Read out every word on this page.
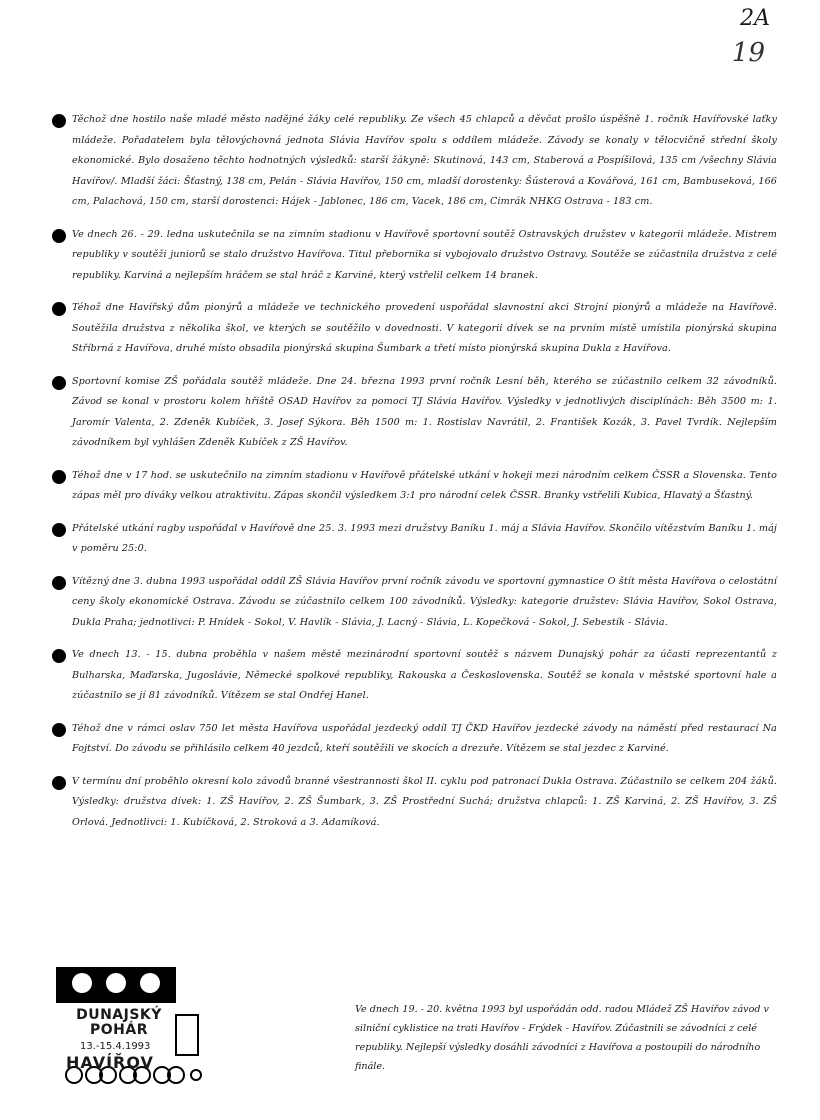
2A
19

Těchož dne hostilo naše mladé město nadějné žáky celé republiky. Ze všech 45 chlapců a děvčat prošlo úspěšně 1. ročník Havířovské laťky mládeže. Pořadatelem byla tělovýchovná jednota Slávia Havířov spolu s oddílem mládeže. Závody se konaly v tělocvičně střední školy ekonomické. Bylo dosaženo těchto hodnotných výsledků: starší žákyně: Skutinová, 143 cm, Staberová a Pospíšilová, 135 cm /všechny Slávia Havířov/. Mladší žáci: Šťastný, 138 cm, Pelán - Slávia Havířov, 150 cm, mladší dorostenky: Šústerová a Kovářová, 161 cm, Bambuseková, 166 cm, Palachová, 150 cm, starší dorostenci: Hájek - Jablonec, 186 cm, Vacek, 186 cm, Cimrák NHKG Ostrava - 183 cm.

Ve dnech 26. - 29. ledna uskutečnila se na zimním stadionu v Havířově sportovní soutěž Ostravských družstev v kategorii mládeže. Mistrem republiky v soutěži juniorů se stalo družstvo Havířova. Titul přebornika si vybojovalo družstvo Ostravy. Soutěže se zúčastnila družstva z celé republiky. Karviná a nejlepším hráčem se stal hráč z Karviné, který vstřelil celkem 14 branek.

Téhož dne Havířský dům pionýrů a mládeže ve technického provedení uspořádal slavnostní akci Strojní pionýrů a mládeže na Havířově. Soutěžila družstva z několika škol, ve kterých se soutěžilo v dovednosti. V kategorii dívek se na prvním místě umístila pionýrská skupina Stříbrná z Havířova, druhé místo obsadila pionýrská skupina Šumbark a třetí místo pionýrská skupina Dukla z Havířova.

Sportovní komise ZŠ pořádala soutěž mládeže. Dne 24. března 1993 první ročník Lesní běh, kterého se zúčastnilo celkem 32 závodníků. Závod se konal v prostoru kolem hřiště OSAD Havířov za pomoci TJ Slávia Havířov. Výsledky v jednotlivých disciplínách: Běh 3500 m: 1. Jaromír Valenta, 2. Zdeněk Kubíček, 3. Josef Sýkora. Běh 1500 m: 1. Rostislav Navrátil, 2. František Kozák, 3. Pavel Tvrdík. Nejlepším závodníkem byl vyhlášen Zdeněk Kubíček z ZŠ Havířov.

Téhož dne v 17 hod. se uskutečnilo na zimním stadionu v Havířově přátelské utkání v hokeji mezi národním celkem ČSSR a Slovenska. Tento zápas měl pro diváky velkou atraktivitu. Zápas skončil výsledkem 3:1 pro národní celek ČSSR. Branky vstřelili Kubica, Hlavatý a Šťastný.

Přátelské utkání ragby uspořádal v Havířově dne 25. 3. 1993 mezi družstvy Baníku 1. máj a Slávia Havířov. Skončilo vítězstvím Baníku 1. máj v poměru 25:0.

Vítězný dne 3. dubna 1993 uspořádal oddíl ZŠ Slávia Havířov první ročník závodu ve sportovní gymnastice O štít města Havířova o celostátní ceny školy ekonomické Ostrava. Závodu se zúčastnilo celkem 100 závodníků. Výsledky: kategorie družstev: Slávia Havířov, Sokol Ostrava, Dukla Praha; jednotlivci: P. Hnídek - Sokol, V. Havlík - Slávia, J. Lacný - Slávia, L. Kopečková - Sokol, J. Sebestík - Slávia.

Ve dnech 13. - 15. dubna proběhla v našem městě mezinárodní sportovní soutěž s názvem Dunajský pohár za účasti reprezentantů z Bulharska, Maďarska, Jugoslávie, Německé spolkové republiky, Rakouska a Československa. Soutěž se konala v městské sportovní hale a zúčastnilo se jí 81 závodníků. Vítězem se stal Ondřej Hanel.

Téhož dne v rámci oslav 750 let města Havířova uspořádal jezdecký oddíl TJ ČKD Havířov jezdecké závody na náměstí před restaurací Na Fojtství. Do závodu se přihlásilo celkem 40 jezdců, kteří soutěžili ve skocích a drezuře. Vítězem se stal jezdec z Karviné.

V termínu dní proběhlo okresní kolo závodů branné všestrannosti škol II. cyklu pod patronací Dukla Ostrava. Zúčastnilo se celkem 204 žáků. Výsledky: družstva dívek: 1. ZŠ Havířov, 2. ZŠ Šumbark, 3. ZŠ Prostřední Suchá; družstva chlapců: 1. ZŠ Karviná, 2. ZŠ Havířov, 3. ZŠ Orlová. Jednotlivci: 1. Kubíčková, 2. Stroková a 3. Adamíková.

DUNAJSKÝ POHÁR
13.-15.4.1993
HAVÍŘOV
Ve dnech 19. - 20. května 1993 byl uspořádán odd. radou Mládež ZŠ Havířov závod v silniční cyklistice na trati Havířov - Frýdek - Havířov. Zúčastnili se závodníci z celé republiky. Nejlepší výsledky dosáhli závodníci z Havířova a postoupili do národního finále.
